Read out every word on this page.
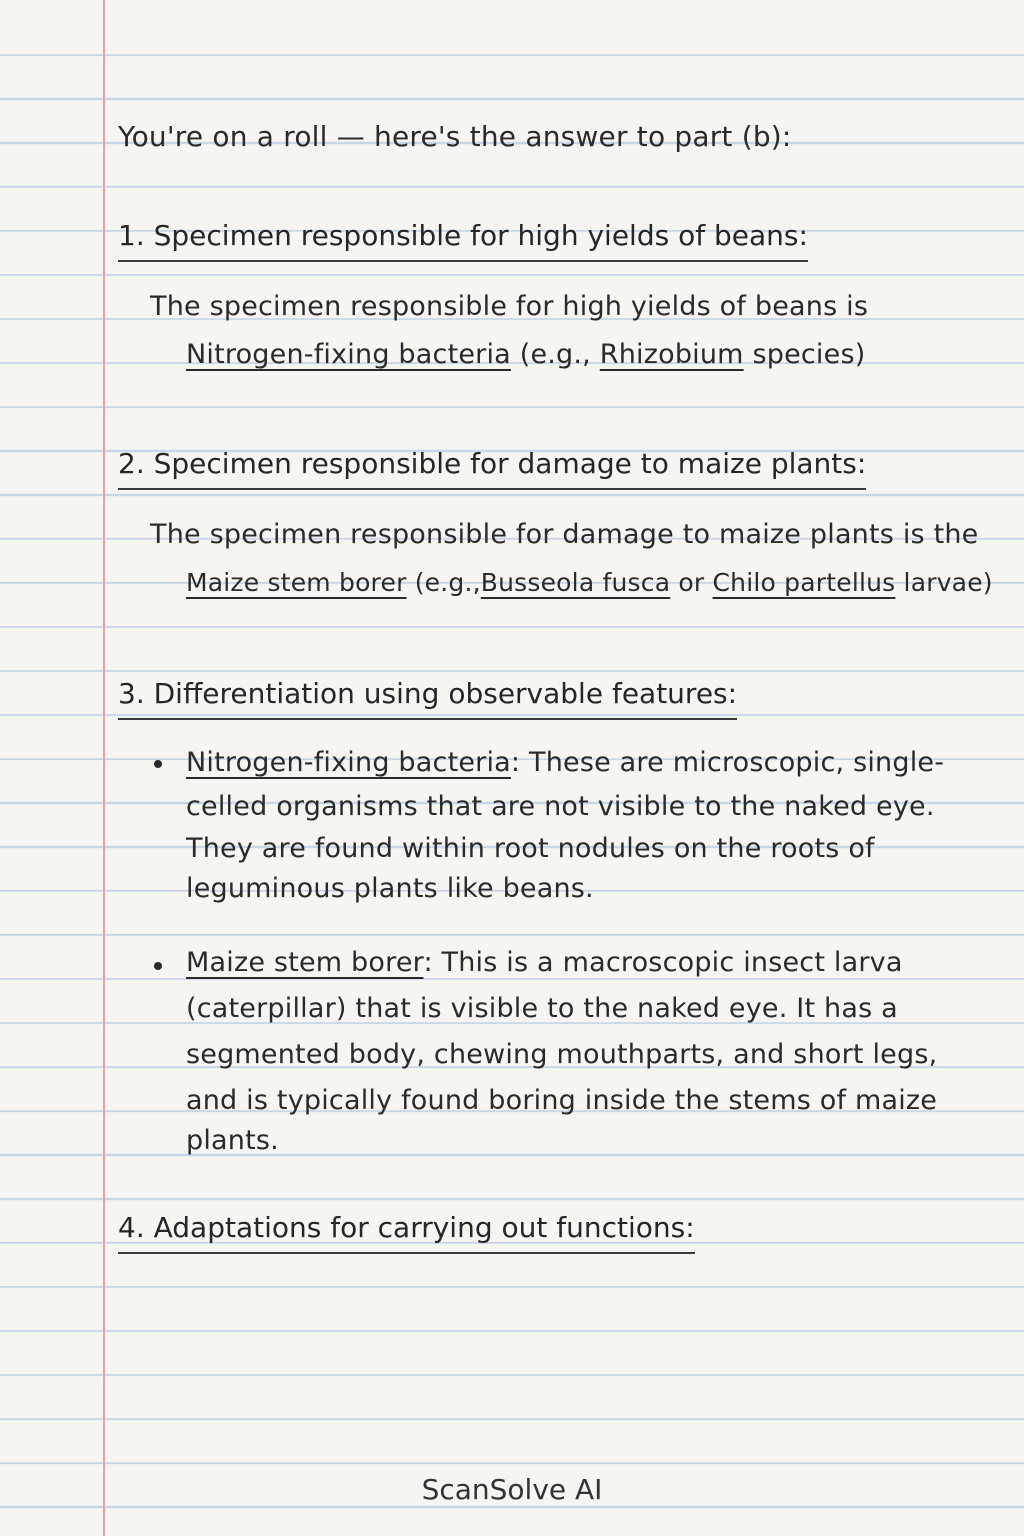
You're on a roll — here's the answer to part (b):
1. Specimen responsible for high yields of beans:
The specimen responsible for high yields of beans is
Nitrogen-fixing bacteria (e.g., Rhizobium species)
2. Specimen responsible for damage to maize plants:
The specimen responsible for damage to maize plants is the
Maize stem borer (e.g.,Busseola fusca or Chilo partellus larvae)
3. Differentiation using observable features:
Nitrogen-fixing bacteria: These are microscopic, single-
celled organisms that are not visible to the naked eye.
They are found within root nodules on the roots of
leguminous plants like beans.
Maize stem borer: This is a macroscopic insect larva
(caterpillar) that is visible to the naked eye. It has a
segmented body, chewing mouthparts, and short legs,
and is typically found boring inside the stems of maize
plants.
4. Adaptations for carrying out functions:
ScanSolve AI
